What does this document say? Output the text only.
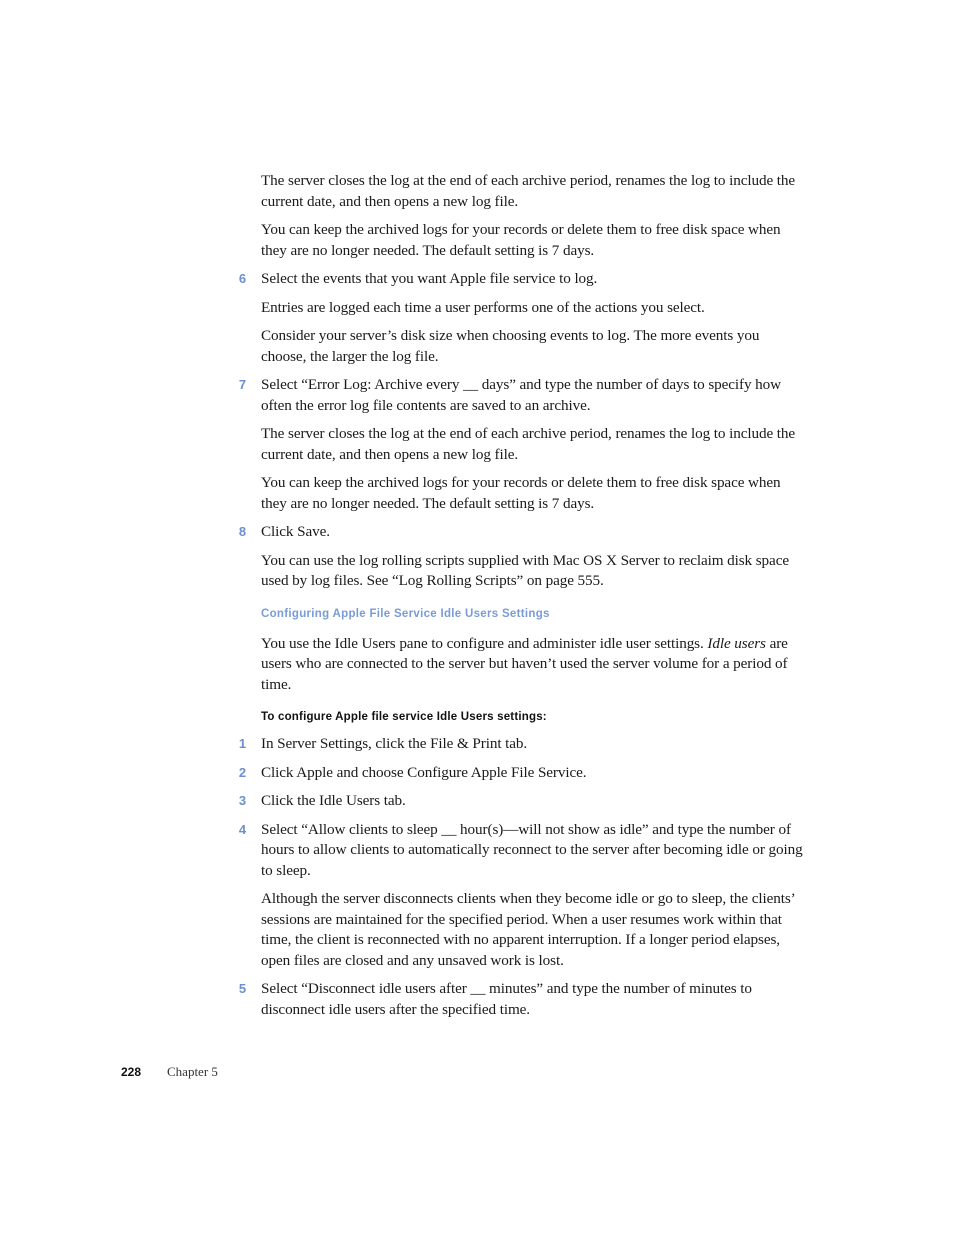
The server closes the log at the end of each archive period, renames the log to include the current date, and then opens a new log file.

You can keep the archived logs for your records or delete them to free disk space when they are no longer needed. The default setting is 7 days.

6 Select the events that you want Apple file service to log.

Entries are logged each time a user performs one of the actions you select.

Consider your server’s disk size when choosing events to log. The more events you choose, the larger the log file.

7 Select “Error Log: Archive every __ days” and type the number of days to specify how often the error log file contents are saved to an archive.

The server closes the log at the end of each archive period, renames the log to include the current date, and then opens a new log file.

You can keep the archived logs for your records or delete them to free disk space when they are no longer needed. The default setting is 7 days.

8 Click Save.

You can use the log rolling scripts supplied with Mac OS X Server to reclaim disk space used by log files. See “Log Rolling Scripts” on page 555.

Configuring Apple File Service Idle Users Settings

You use the Idle Users pane to configure and administer idle user settings. Idle users are users who are connected to the server but haven’t used the server volume for a period of time.

To configure Apple file service Idle Users settings:
1 In Server Settings, click the File & Print tab.
2 Click Apple and choose Configure Apple File Service.
3 Click the Idle Users tab.
4 Select “Allow clients to sleep __ hour(s)—will not show as idle” and type the number of hours to allow clients to automatically reconnect to the server after becoming idle or going to sleep.

Although the server disconnects clients when they become idle or go to sleep, the clients’ sessions are maintained for the specified period. When a user resumes work within that time, the client is reconnected with no apparent interruption. If a longer period elapses, open files are closed and any unsaved work is lost.

5 Select “Disconnect idle users after __ minutes” and type the number of minutes to disconnect idle users after the specified time.
228 Chapter 5
